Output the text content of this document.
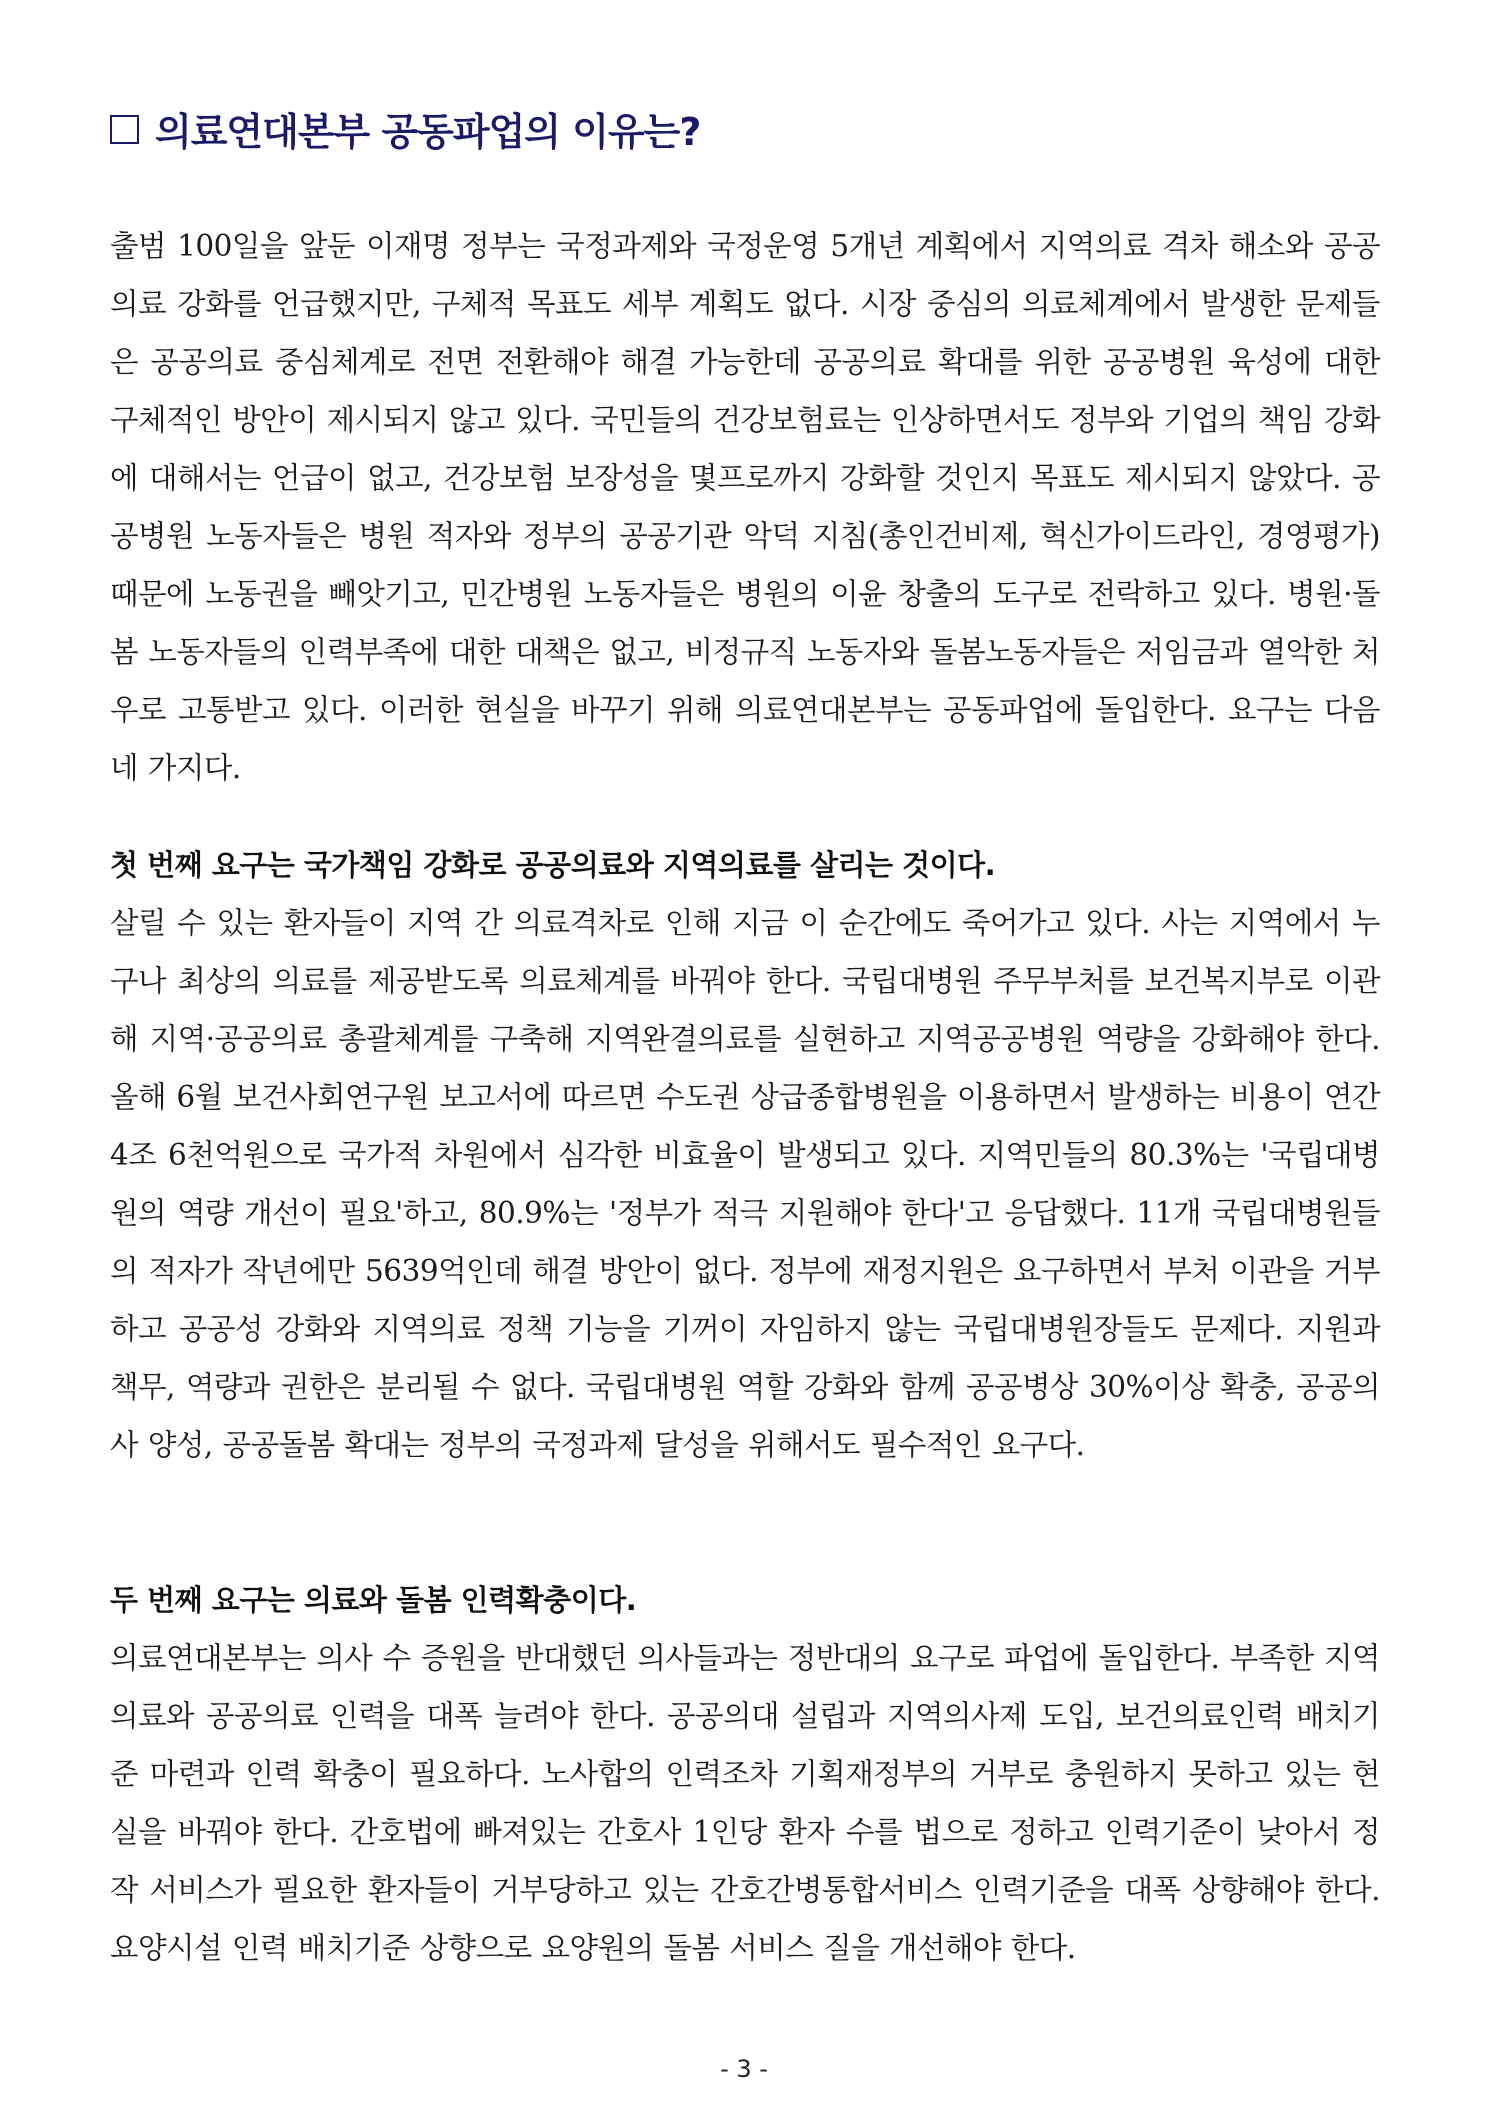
의료연대본부 공동파업의 이유는?

출범 100일을 앞둔 이재명 정부는 국정과제와 국정운영 5개년 계획에서 지역의료 격차 해소와 공공의료 강화를 언급했지만, 구체적 목표도 세부 계획도 없다. 시장 중심의 의료체계에서 발생한 문제들은 공공의료 중심체계로 전면 전환해야 해결 가능한데 공공의료 확대를 위한 공공병원 육성에 대한 구체적인 방안이 제시되지 않고 있다. 국민들의 건강보험료는 인상하면서도 정부와 기업의 책임 강화에 대해서는 언급이 없고, 건강보험 보장성을 몇프로까지 강화할 것인지 목표도 제시되지 않았다. 공공병원 노동자들은 병원 적자와 정부의 공공기관 악덕 지침(총인건비제, 혁신가이드라인, 경영평가) 때문에 노동권을 빼앗기고, 민간병원 노동자들은 병원의 이윤 창출의 도구로 전락하고 있다. 병원·돌봄 노동자들의 인력부족에 대한 대책은 없고, 비정규직 노동자와 돌봄노동자들은 저임금과 열악한 처우로 고통받고 있다. 이러한 현실을 바꾸기 위해 의료연대본부는 공동파업에 돌입한다. 요구는 다음 네 가지다.

첫 번째 요구는 국가책임 강화로 공공의료와 지역의료를 살리는 것이다.

살릴 수 있는 환자들이 지역 간 의료격차로 인해 지금 이 순간에도 죽어가고 있다. 사는 지역에서 누구나 최상의 의료를 제공받도록 의료체계를 바꿔야 한다. 국립대병원 주무부처를 보건복지부로 이관해 지역·공공의료 총괄체계를 구축해 지역완결의료를 실현하고 지역공공병원 역량을 강화해야 한다. 올해 6월 보건사회연구원 보고서에 따르면 수도권 상급종합병원을 이용하면서 발생하는 비용이 연간 4조 6천억원으로 국가적 차원에서 심각한 비효율이 발생되고 있다. 지역민들의 80.3%는 '국립대병원의 역량 개선이 필요'하고, 80.9%는 '정부가 적극 지원해야 한다'고 응답했다. 11개 국립대병원들의 적자가 작년에만 5639억인데 해결 방안이 없다. 정부에 재정지원은 요구하면서 부처 이관을 거부하고 공공성 강화와 지역의료 정책 기능을 기꺼이 자임하지 않는 국립대병원장들도 문제다. 지원과 책무, 역량과 권한은 분리될 수 없다. 국립대병원 역할 강화와 함께 공공병상 30%이상 확충, 공공의사 양성, 공공돌봄 확대는 정부의 국정과제 달성을 위해서도 필수적인 요구다.

두 번째 요구는 의료와 돌봄 인력확충이다.

의료연대본부는 의사 수 증원을 반대했던 의사들과는 정반대의 요구로 파업에 돌입한다. 부족한 지역의료와 공공의료 인력을 대폭 늘려야 한다. 공공의대 설립과 지역의사제 도입, 보건의료인력 배치기준 마련과 인력 확충이 필요하다. 노사합의 인력조차 기획재정부의 거부로 충원하지 못하고 있는 현실을 바꿔야 한다. 간호법에 빠져있는 간호사 1인당 환자 수를 법으로 정하고 인력기준이 낮아서 정작 서비스가 필요한 환자들이 거부당하고 있는 간호간병통합서비스 인력기준을 대폭 상향해야 한다. 요양시설 인력 배치기준 상향으로 요양원의 돌봄 서비스 질을 개선해야 한다.

- 3 -
